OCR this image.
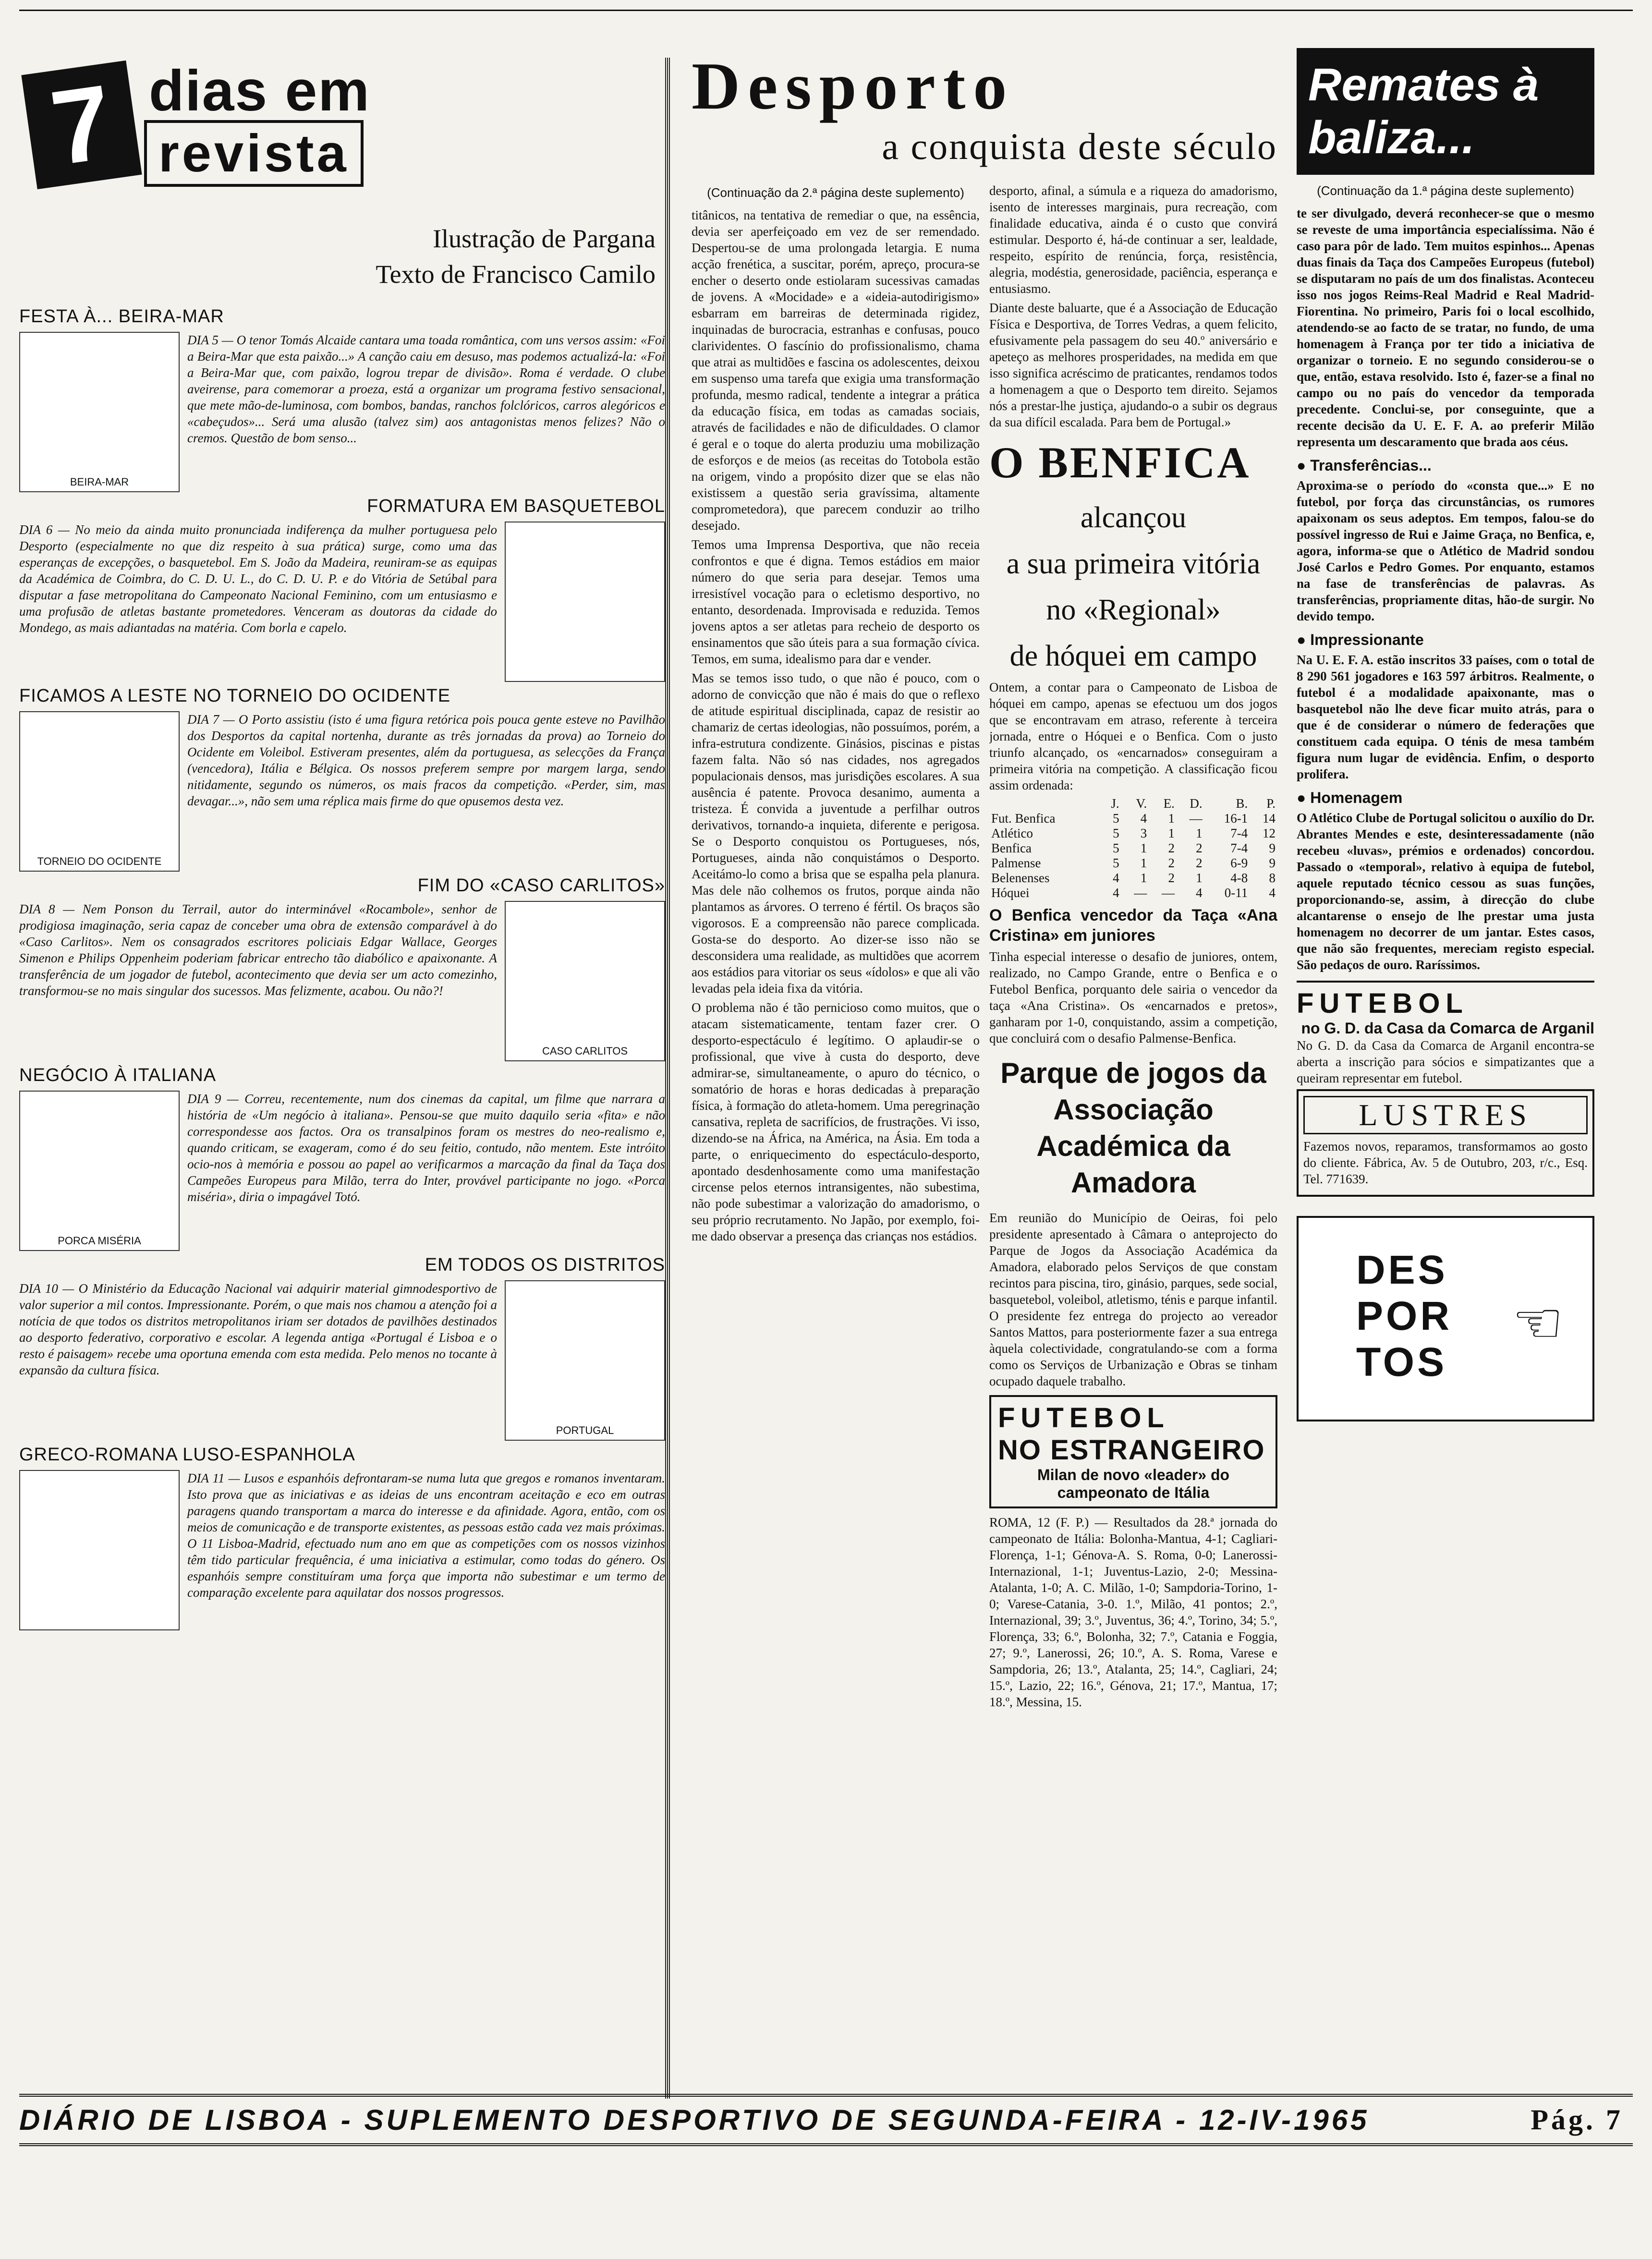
7 dias em
revista
Ilustração de Pargana
Texto de Francisco Camilo
FESTA À... BEIRA-MAR
BEIRA-MAR

DIA 5 — O tenor Tomás Alcaide cantara uma toada romântica, com uns versos assim: «Foi a Beira-Mar que esta paixão...» A canção caiu em desuso, mas podemos actualizá-la: «Foi a Beira-Mar que, com paixão, logrou trepar de divisão». Roma é verdade. O clube aveirense, para comemorar a proeza, está a organizar um programa festivo sensacional, que mete mão-de-luminosa, com bombos, bandas, ranchos folclóricos, carros alegóricos e «cabeçudos»... Será uma alusão (talvez sim) aos antagonistas menos felizes? Não o cremos. Questão de bom senso...

FORMATURA EM BASQUETEBOL

DIA 6 — No meio da ainda muito pronunciada indiferença da mulher portuguesa pelo Desporto (especialmente no que diz respeito à sua prática) surge, como uma das esperanças de excepções, o basquetebol. Em S. João da Madeira, reuniram-se as equipas da Académica de Coimbra, do C. D. U. L., do C. D. U. P. e do Vitória de Setúbal para disputar a fase metropolitana do Campeonato Nacional Feminino, com um entusiasmo e uma profusão de atletas bastante prometedores. Venceram as doutoras da cidade do Mondego, as mais adiantadas na matéria. Com borla e capelo.

FICAMOS A LESTE NO TORNEIO DO OCIDENTE
TORNEIO DO OCIDENTE

DIA 7 — O Porto assistiu (isto é uma figura retórica pois pouca gente esteve no Pavilhão dos Desportos da capital nortenha, durante as três jornadas da prova) ao Torneio do Ocidente em Voleibol. Estiveram presentes, além da portuguesa, as selecções da França (vencedora), Itália e Bélgica. Os nossos preferem sempre por margem larga, sendo nitidamente, segundo os números, os mais fracos da competição. «Perder, sim, mas devagar...», não sem uma réplica mais firme do que opusemos desta vez.

FIM DO «CASO CARLITOS»
CASO CARLITOS

DIA 8 — Nem Ponson du Terrail, autor do interminável «Rocambole», senhor de prodigiosa imaginação, seria capaz de conceber uma obra de extensão comparável à do «Caso Carlitos». Nem os consagrados escritores policiais Edgar Wallace, Georges Simenon e Philips Oppenheim poderiam fabricar entrecho tão diabólico e apaixonante. A transferência de um jogador de futebol, acontecimento que devia ser um acto comezinho, transformou-se no mais singular dos sucessos. Mas felizmente, acabou. Ou não?!

NEGÓCIO À ITALIANA
PORCA MISÉRIA

DIA 9 — Correu, recentemente, num dos cinemas da capital, um filme que narrara a história de «Um negócio à italiana». Pensou-se que muito daquilo seria «fita» e não correspondesse aos factos. Ora os transalpinos foram os mestres do neo-realismo e, quando criticam, se exageram, como é do seu feitio, contudo, não mentem. Este intróito ocio-nos à memória e possou ao papel ao verificarmos a marcação da final da Taça dos Campeões Europeus para Milão, terra do Inter, provável participante no jogo. «Porca miséria», diria o impagável Totó.

EM TODOS OS DISTRITOS
PORTUGAL

DIA 10 — O Ministério da Educação Nacional vai adquirir material gimnodesportivo de valor superior a mil contos. Impressionante. Porém, o que mais nos chamou a atenção foi a notícia de que todos os distritos metropolitanos iriam ser dotados de pavilhões destinados ao desporto federativo, corporativo e escolar. A legenda antiga «Portugal é Lisboa e o resto é paisagem» recebe uma oportuna emenda com esta medida. Pelo menos no tocante à expansão da cultura física.

GRECO-ROMANA LUSO-ESPANHOLA

DIA 11 — Lusos e espanhóis defrontaram-se numa luta que gregos e romanos inventaram. Isto prova que as iniciativas e as ideias de uns encontram aceitação e eco em outras paragens quando transportam a marca do interesse e da afinidade. Agora, então, com os meios de comunicação e de transporte existentes, as pessoas estão cada vez mais próximas. O 11 Lisboa-Madrid, efectuado num ano em que as competições com os nossos vizinhos têm tido particular frequência, é uma iniciativa a estimular, como todas do género. Os espanhóis sempre constituíram uma força que importa não subestimar e um termo de comparação excelente para aquilatar dos nossos progressos.

Desporto
a conquista deste século
(Continuação da 2.ª página deste suplemento)

titânicos, na tentativa de remediar o que, na essência, devia ser aperfeiçoado em vez de ser remendado. Despertou-se de uma prolongada letargia. E numa acção frenética, a suscitar, porém, apreço, procura-se encher o deserto onde estiolaram sucessivas camadas de jovens. A «Mocidade» e a «ideia-autodirigismo» esbarram em barreiras de determinada rigidez, inquinadas de burocracia, estranhas e confusas, pouco clarividentes. O fascínio do profissionalismo, chama que atrai as multidões e fascina os adolescentes, deixou em suspenso uma tarefa que exigia uma transformação profunda, mesmo radical, tendente a integrar a prática da educação física, em todas as camadas sociais, através de facilidades e não de dificuldades. O clamor é geral e o toque do alerta produziu uma mobilização de esforços e de meios (as receitas do Totobola estão na origem, vindo a propósito dizer que se elas não existissem a questão seria gravíssima, altamente comprometedora), que parecem conduzir ao trilho desejado.

Temos uma Imprensa Desportiva, que não receia confrontos e que é digna. Temos estádios em maior número do que seria para desejar. Temos uma irresistível vocação para o ecletismo desportivo, no entanto, desordenada. Improvisada e reduzida. Temos jovens aptos a ser atletas para recheio de desporto os ensinamentos que são úteis para a sua formação cívica. Temos, em suma, idealismo para dar e vender.

Mas se temos isso tudo, o que não é pouco, com o adorno de convicção que não é mais do que o reflexo de atitude espiritual disciplinada, capaz de resistir ao chamariz de certas ideologias, não possuímos, porém, a infra-estrutura condizente. Ginásios, piscinas e pistas fazem falta. Não só nas cidades, nos agregados populacionais densos, mas jurisdições escolares. A sua ausência é patente. Provoca desanimo, aumenta a tristeza. É convida a juventude a perfilhar outros derivativos, tornando-a inquieta, diferente e perigosa. Se o Desporto conquistou os Portugueses, nós, Portugueses, ainda não conquistámos o Desporto. Aceitámo-lo como a brisa que se espalha pela planura. Mas dele não colhemos os frutos, porque ainda não plantamos as árvores. O terreno é fértil. Os braços são vigorosos. E a compreensão não parece complicada. Gosta-se do desporto. Ao dizer-se isso não se desconsidera uma realidade, as multidões que acorrem aos estádios para vitoriar os seus «ídolos» e que ali vão levadas pela ideia fixa da vitória.

O problema não é tão pernicioso como muitos, que o atacam sistematicamente, tentam fazer crer. O desporto-espectáculo é legítimo. O aplaudir-se o profissional, que vive à custa do desporto, deve admirar-se, simultaneamente, o apuro do técnico, o somatório de horas e horas dedicadas à preparação física, à formação do atleta-homem. Uma peregrinação cansativa, repleta de sacrifícios, de frustrações. Vi isso, dizendo-se na África, na América, na Ásia. Em toda a parte, o enriquecimento do espectáculo-desporto, apontado desdenhosamente como uma manifestação circense pelos eternos intransigentes, não subestima, não pode subestimar a valorização do amadorismo, o seu próprio recrutamento. No Japão, por exemplo, foi-me dado observar a presença das crianças nos estádios.

desporto, afinal, a súmula e a riqueza do amadorismo, isento de interesses marginais, pura recreação, com finalidade educativa, ainda é o custo que convirá estimular. Desporto é, há-de continuar a ser, lealdade, respeito, espírito de renúncia, força, resistência, alegria, modéstia, generosidade, paciência, esperança e entusiasmo.

Diante deste baluarte, que é a Associação de Educação Física e Desportiva, de Torres Vedras, a quem felicito, efusivamente pela passagem do seu 40.º aniversário e apeteço as melhores prosperidades, na medida em que isso significa acréscimo de praticantes, rendamos todos a homenagem a que o Desporto tem direito. Sejamos nós a prestar-lhe justiça, ajudando-o a subir os degraus da sua difícil escalada. Para bem de Portugal.»

O BENFICA
alcançou
a sua primeira vitória
no «Regional»
de hóquei em campo

Ontem, a contar para o Campeonato de Lisboa de hóquei em campo, apenas se efectuou um dos jogos que se encontravam em atraso, referente à terceira jornada, entre o Hóquei e o Benfica. Com o justo triunfo alcançado, os «encarnados» conseguiram a primeira vitória na competição. A classificação ficou assim ordenada:

	J.	V.	E.	D.	B.	P.
Fut. Benfica	5	4	1	—	16-1	14
Atlético	5	3	1	1	7-4	12
Benfica	5	1	2	2	7-4	9
Palmense	5	1	2	2	6-9	9
Belenenses	4	1	2	1	4-8	8
Hóquei	4	—	—	4	0-11	4

O Benfica vencedor da Taça «Ana Cristina» em juniores

Tinha especial interesse o desafio de juniores, ontem, realizado, no Campo Grande, entre o Benfica e o Futebol Benfica, porquanto dele sairia o vencedor da taça «Ana Cristina». Os «encarnados e pretos», ganharam por 1-0, conquistando, assim a competição, que concluirá com o desafio Palmense-Benfica.

Parque de jogos da Associação Académica da Amadora

Em reunião do Município de Oeiras, foi pelo presidente apresentado à Câmara o anteprojecto do Parque de Jogos da Associação Académica da Amadora, elaborado pelos Serviços de que constam recintos para piscina, tiro, ginásio, parques, sede social, basquetebol, voleibol, atletismo, ténis e parque infantil. O presidente fez entrega do projecto ao vereador Santos Mattos, para posteriormente fazer a sua entrega àquela colectividade, congratulando-se com a forma como os Serviços de Urbanização e Obras se tinham ocupado daquele trabalho.

FUTEBOL
NO ESTRANGEIRO
Milan de novo «leader» do campeonato de Itália

ROMA, 12 (F. P.) — Resultados da 28.ª jornada do campeonato de Itália: Bolonha-Mantua, 4-1; Cagliari-Florença, 1-1; Génova-A. S. Roma, 0-0; Lanerossi-Internazional, 1-1; Juventus-Lazio, 2-0; Messina-Atalanta, 1-0; A. C. Milão, 1-0; Sampdoria-Torino, 1-0; Varese-Catania, 3-0. 1.º, Milão, 41 pontos; 2.º, Internazional, 39; 3.º, Juventus, 36; 4.º, Torino, 34; 5.º, Florença, 33; 6.º, Bolonha, 32; 7.º, Catania e Foggia, 27; 9.º, Lanerossi, 26; 10.º, A. S. Roma, Varese e Sampdoria, 26; 13.º, Atalanta, 25; 14.º, Cagliari, 24; 15.º, Lazio, 22; 16.º, Génova, 21; 17.º, Mantua, 17; 18.º, Messina, 15.

Remates à baliza...
(Continuação da 1.ª página deste suplemento)

te ser divulgado, deverá reconhecer-se que o mesmo se reveste de uma importância especialíssima. Não é caso para pôr de lado. Tem muitos espinhos... Apenas duas finais da Taça dos Campeões Europeus (futebol) se disputaram no país de um dos finalistas. Aconteceu isso nos jogos Reims-Real Madrid e Real Madrid-Fiorentina. No primeiro, Paris foi o local escolhido, atendendo-se ao facto de se tratar, no fundo, de uma homenagem à França por ter tido a iniciativa de organizar o torneio. E no segundo considerou-se o que, então, estava resolvido. Isto é, fazer-se a final no campo ou no país do vencedor da temporada precedente. Conclui-se, por conseguinte, que a recente decisão da U. E. F. A. ao preferir Milão representa um descaramento que brada aos céus.

● Transferências...

Aproxima-se o período do «consta que...» E no futebol, por força das circunstâncias, os rumores apaixonam os seus adeptos. Em tempos, falou-se do possível ingresso de Rui e Jaime Graça, no Benfica, e, agora, informa-se que o Atlético de Madrid sondou José Carlos e Pedro Gomes. Por enquanto, estamos na fase de transferências de palavras. As transferências, propriamente ditas, hão-de surgir. No devido tempo.

● Impressionante

Na U. E. F. A. estão inscritos 33 países, com o total de 8 290 561 jogadores e 163 597 árbitros. Realmente, o futebol é a modalidade apaixonante, mas o basquetebol não lhe deve ficar muito atrás, para o que é de considerar o número de federações que constituem cada equipa. O ténis de mesa também figura num lugar de evidência. Enfim, o desporto prolifera.

● Homenagem

O Atlético Clube de Portugal solicitou o auxílio do Dr. Abrantes Mendes e este, desinteressadamente (não recebeu «luvas», prémios e ordenados) concordou. Passado o «temporal», relativo à equipa de futebol, aquele reputado técnico cessou as suas funções, proporcionando-se, assim, à direcção do clube alcantarense o ensejo de lhe prestar uma justa homenagem no decorrer de um jantar. Estes casos, que não são frequentes, mereciam registo especial. São pedaços de ouro. Raríssimos.

FUTEBOL
no G. D. da Casa da Comarca de Arganil

No G. D. da Casa da Comarca de Arganil encontra-se aberta a inscrição para sócios e simpatizantes que a queiram representar em futebol.

LUSTRES

Fazemos novos, reparamos, transformamos ao gosto do cliente. Fábrica, Av. 5 de Outubro, 203, r/c., Esq. Tel. 771639.

DES
POR
TOS
☜
DIÁRIO DE LISBOA - SUPLEMENTO DESPORTIVO DE SEGUNDA-FEIRA - 12-IV-1965	Pág. 7
